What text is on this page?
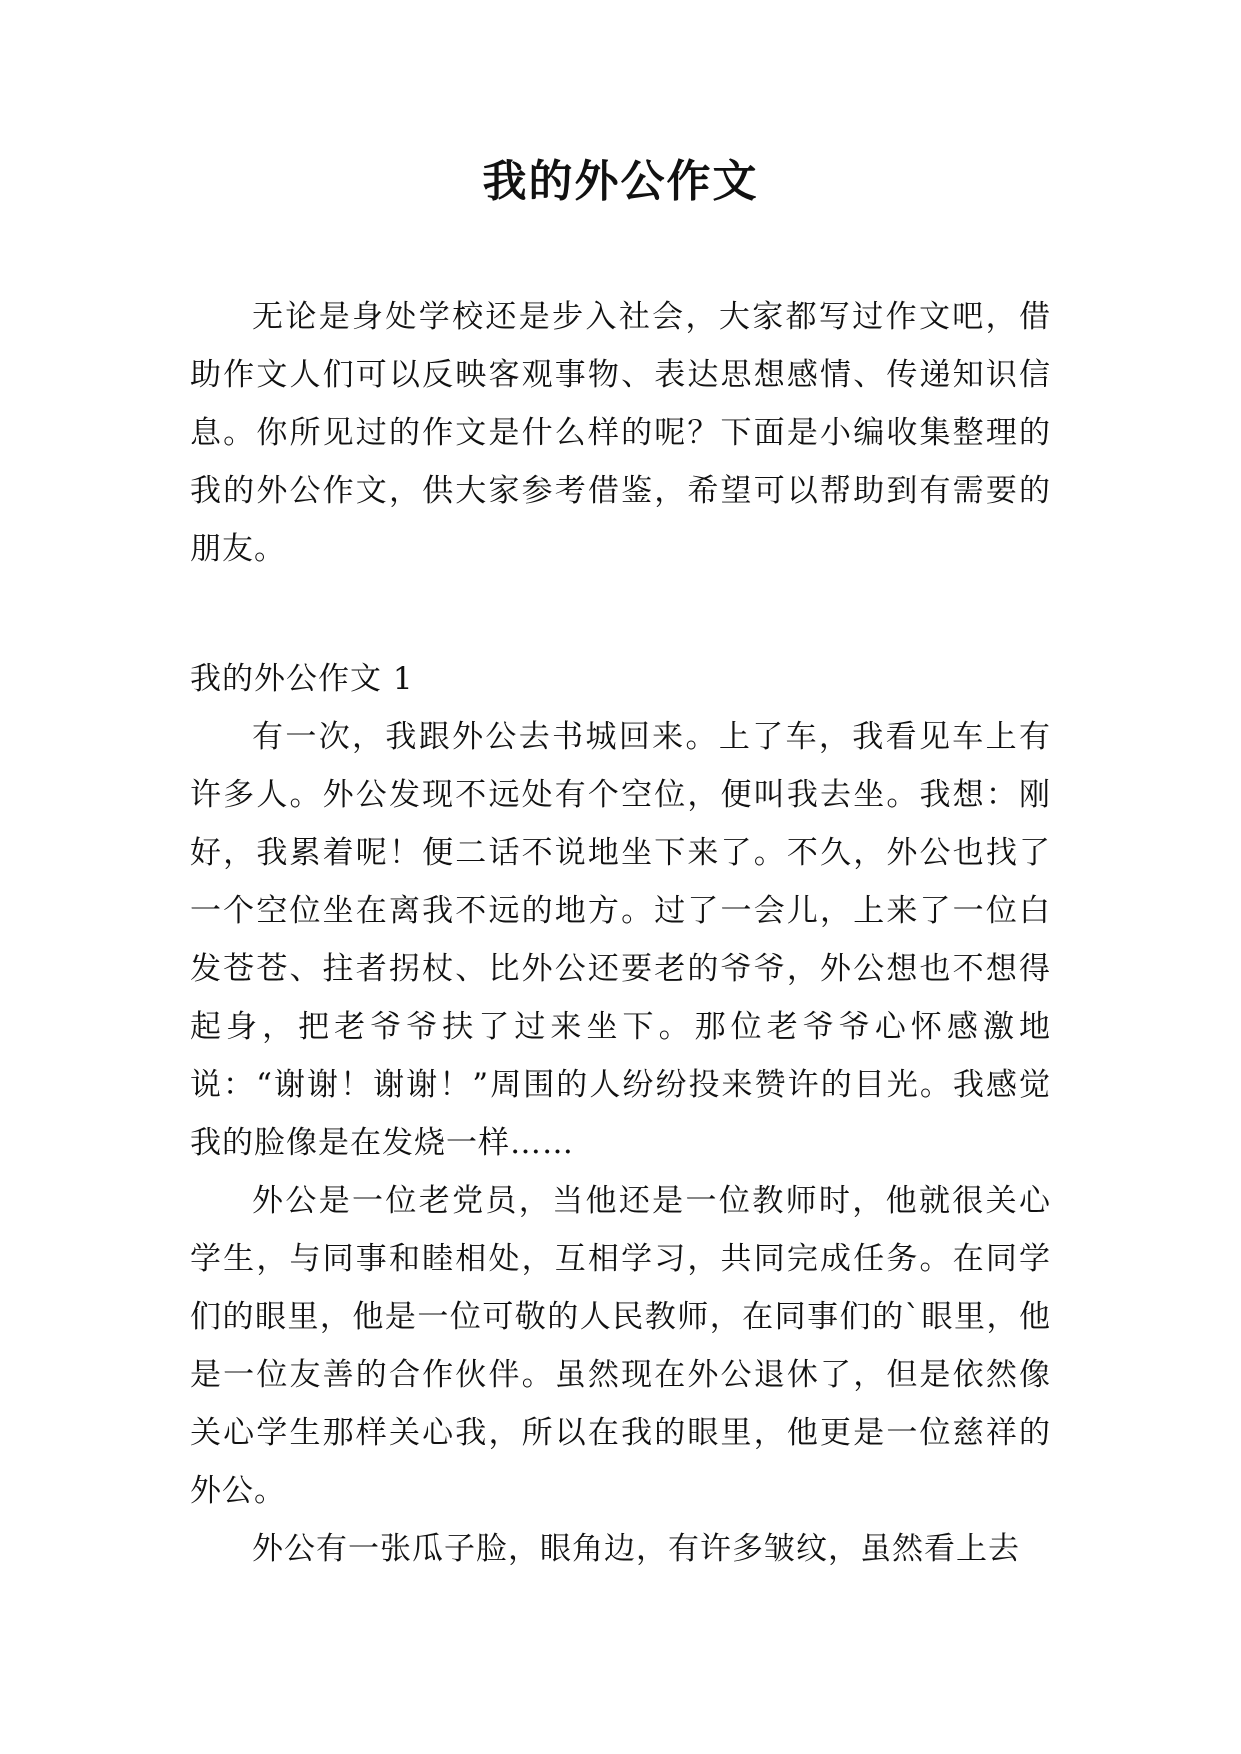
我的外公作文

无论是身处学校还是步入社会，大家都写过作文吧，借助作文人们可以反映客观事物、表达思想感情、传递知识信息。你所见过的作文是什么样的呢？下面是小编收集整理的我的外公作文，供大家参考借鉴，希望可以帮助到有需要的朋友。

我的外公作文 1

有一次，我跟外公去书城回来。上了车，我看见车上有许多人。外公发现不远处有个空位，便叫我去坐。我想：刚好，我累着呢！便二话不说地坐下来了。不久，外公也找了一个空位坐在离我不远的地方。过了一会儿，上来了一位白发苍苍、拄者拐杖、比外公还要老的爷爷，外公想也不想得起身，把老爷爷扶了过来坐下。那位老爷爷心怀感激地说：“谢谢！谢谢！”周围的人纷纷投来赞许的目光。我感觉我的脸像是在发烧一样……

外公是一位老党员，当他还是一位教师时，他就很关心学生，与同事和睦相处，互相学习，共同完成任务。在同学们的眼里，他是一位可敬的人民教师，在同事们的`眼里，他是一位友善的合作伙伴。虽然现在外公退休了，但是依然像关心学生那样关心我，所以在我的眼里，他更是一位慈祥的外公。

外公有一张瓜子脸，眼角边，有许多皱纹，虽然看上去
